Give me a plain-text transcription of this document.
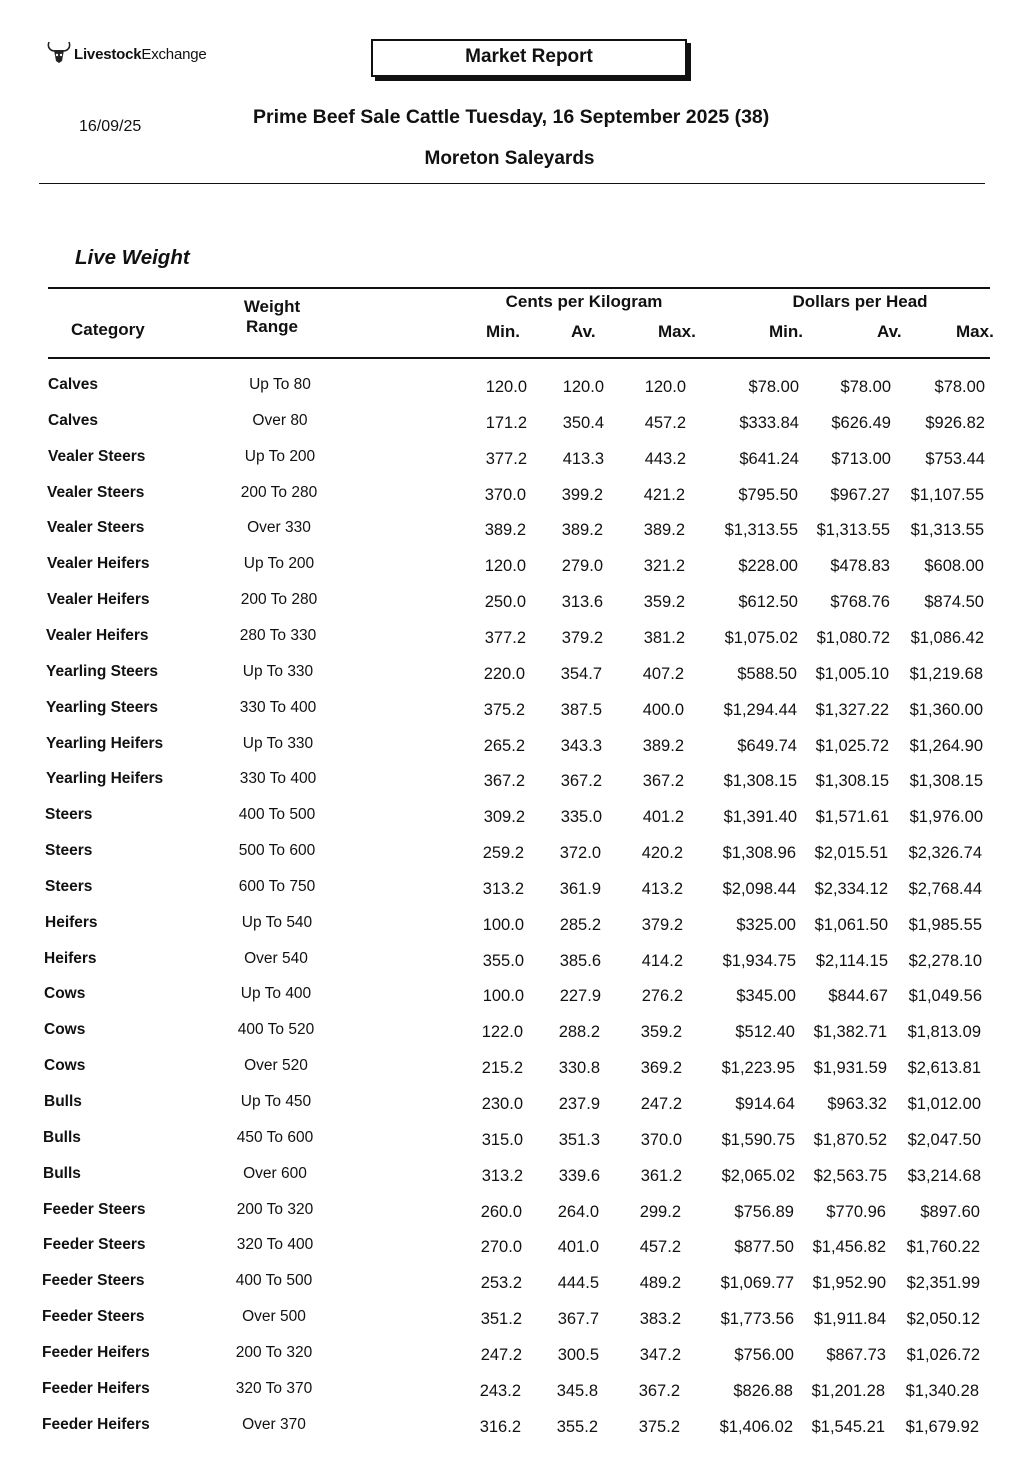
LivestockExchange	Market Report
16/09/25	Prime Beef Sale Cattle Tuesday, 16 September 2025 (38)
Moreton Saleyards
Live Weight
Category
Weight
Range
Cents per Kilogram	Dollars per Head
Min.	Av.	Max.	Min.	Av.	Max.
Calves	Up To 80	120.0 120.0 120.0	$78.00	$78.00	$78.00
Calves	Over 80	171.2 350.4 457.2	$333.84 $626.49 $926.82
Vealer Steers	Up To 200	377.2 413.3 443.2	$641.24 $713.00 $753.44
Vealer Steers	200 To 280	370.0 399.2 421.2	$795.50 $967.27 $1,107.55
Vealer Steers	Over 330	389.2 389.2 389.2 $1,313.55 $1,313.55 $1,313.55
Vealer Heifers	Up To 200	120.0 279.0 321.2	$228.00 $478.83 $608.00
Vealer Heifers	200 To 280	250.0 313.6 359.2	$612.50 $768.76 $874.50
Vealer Heifers	280 To 330	377.2 379.2 381.2 $1,075.02 $1,080.72 $1,086.42
Yearling Steers	Up To 330	220.0 354.7 407.2	$588.50 $1,005.10 $1,219.68
Yearling Steers	330 To 400	375.2 387.5 400.0 $1,294.44 $1,327.22 $1,360.00
Yearling Heifers	Up To 330	265.2 343.3 389.2	$649.74 $1,025.72 $1,264.90
Yearling Heifers	330 To 400	367.2 367.2 367.2 $1,308.15 $1,308.15 $1,308.15
Steers	400 To 500	309.2 335.0 401.2 $1,391.40 $1,571.61 $1,976.00
Steers	500 To 600	259.2 372.0 420.2 $1,308.96 $2,015.51 $2,326.74
Steers	600 To 750	313.2 361.9 413.2 $2,098.44 $2,334.12 $2,768.44
Heifers	Up To 540	100.0 285.2 379.2	$325.00 $1,061.50 $1,985.55
Heifers	Over 540	355.0 385.6 414.2 $1,934.75 $2,114.15 $2,278.10
Cows	Up To 400	100.0 227.9 276.2	$345.00 $844.67 $1,049.56
Cows	400 To 520	122.0 288.2 359.2	$512.40 $1,382.71 $1,813.09
Cows	Over 520	215.2 330.8 369.2 $1,223.95 $1,931.59 $2,613.81
Bulls	Up To 450	230.0 237.9 247.2	$914.64 $963.32 $1,012.00
Bulls	450 To 600	315.0 351.3 370.0 $1,590.75 $1,870.52 $2,047.50
Bulls	Over 600	313.2 339.6 361.2 $2,065.02 $2,563.75 $3,214.68
Feeder Steers	200 To 320	260.0 264.0 299.2	$756.89 $770.96 $897.60
Feeder Steers	320 To 400	270.0 401.0 457.2	$877.50 $1,456.82 $1,760.22
Feeder Steers	400 To 500	253.2 444.5 489.2 $1,069.77 $1,952.90 $2,351.99
Feeder Steers	Over 500	351.2 367.7 383.2 $1,773.56 $1,911.84 $2,050.12
Feeder Heifers	200 To 320	247.2 300.5 347.2	$756.00 $867.73 $1,026.72
Feeder Heifers	320 To 370	243.2 345.8 367.2	$826.88 $1,201.28 $1,340.28
Feeder Heifers	Over 370	316.2 355.2 375.2 $1,406.02 $1,545.21 $1,679.92
